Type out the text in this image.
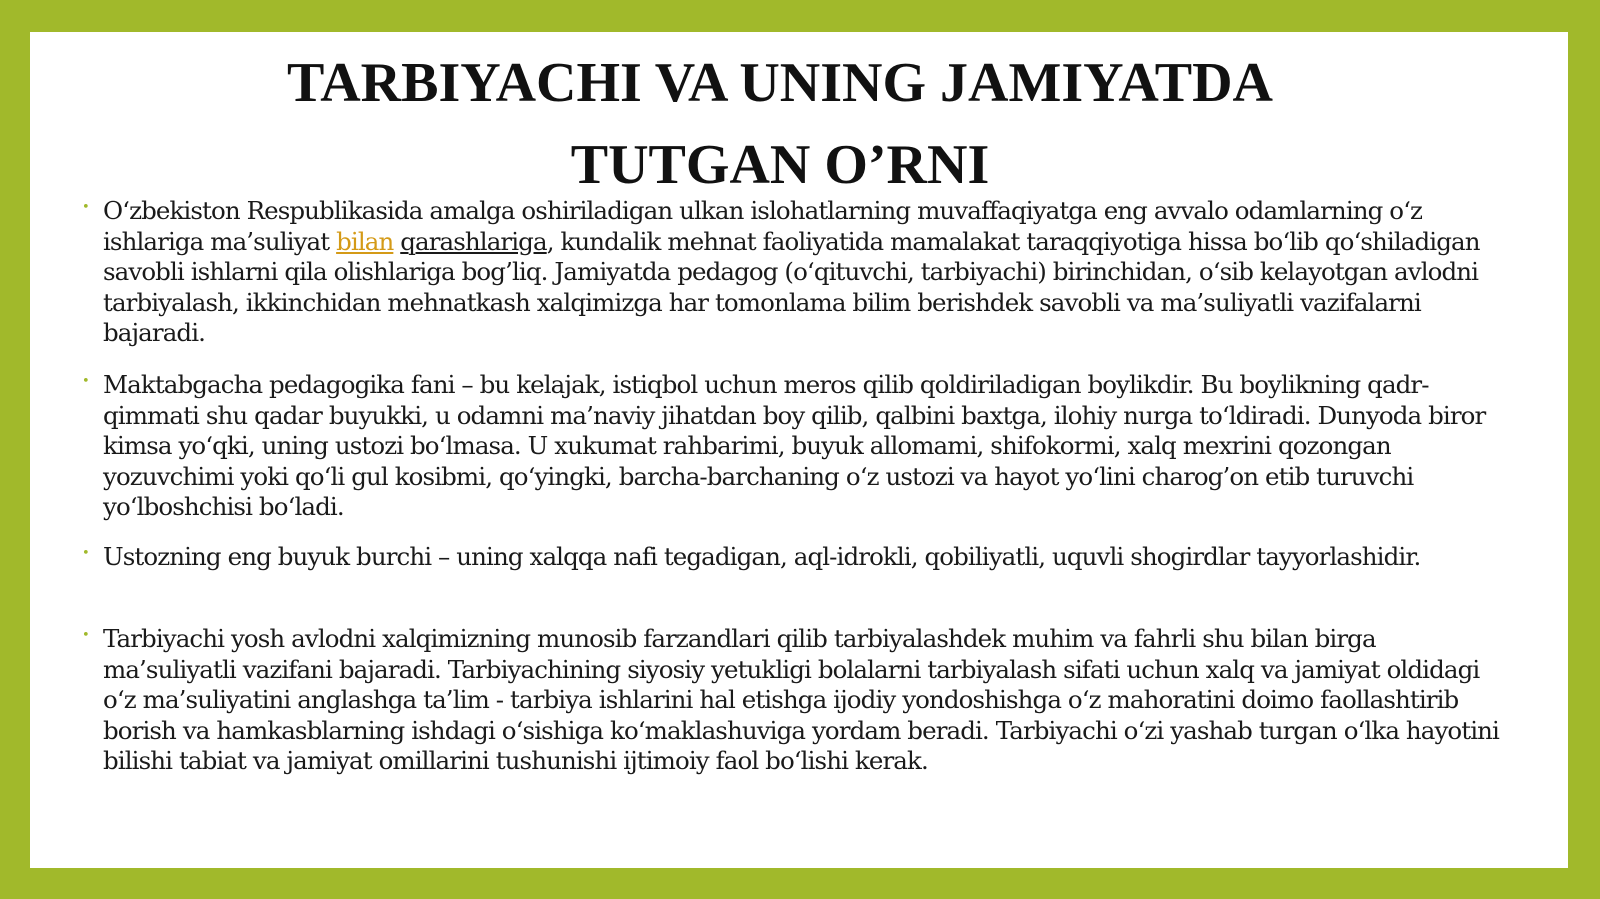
TARBIYACHI VA UNING JAMIYATDA
TUTGAN O’RNI
• O‘zbekiston Respublikasida amalga oshiriladigan ulkan islohatlarning muvaffaqiyatga eng avvalo odamlarning o‘z ishlariga ma’suliyat bilan qarashlariga, kundalik mehnat faoliyatida mamalakat taraqqiyotiga hissa bo‘lib qo‘shiladigan savobli ishlarni qila olishlariga bog’liq. Jamiyatda pedagog (o‘qituvchi, tarbiyachi) birinchidan, o‘sib kelayotgan avlodni tarbiyalash, ikkinchidan mehnatkash xalqimizga har tomonlama bilim berishdek savobli va ma’suliyatli vazifalarni bajaradi.
• Maktabgacha pedagogika fani – bu kelajak, istiqbol uchun meros qilib qoldiriladigan boylikdir. Bu boylikning qadr-qimmati shu qadar buyukki, u odamni ma’naviy jihatdan boy qilib, qalbini baxtga, ilohiy nurga to‘ldiradi. Dunyoda biror kimsa yo‘qki, uning ustozi bo‘lmasa. U xukumat rahbarimi, buyuk allomami, shifokormi, xalq mexrini qozongan yozuvchimi yoki qo‘li gul kosibmi, qo‘yingki, barcha-barchaning o‘z ustozi va hayot yo‘lini charog’on etib turuvchi yo‘lboshchisi bo‘ladi.
• Ustozning eng buyuk burchi – uning xalqqa nafi tegadigan, aql-idrokli, qobiliyatli, uquvli shogirdlar tayyorlashidir.
• Tarbiyachi yosh avlodni xalqimizning munosib farzandlari qilib tarbiyalashdek muhim va fahrli shu bilan birga ma’suliyatli vazifani bajaradi. Tarbiyachining siyosiy yetukligi bolalarni tarbiyalash sifati uchun xalq va jamiyat oldidagi o‘z ma’suliyatini anglashga ta’lim - tarbiya ishlarini hal etishga ijodiy yondoshishga o‘z mahoratini doimo faollashtirib borish va hamkasblarning ishdagi o‘sishiga ko‘maklashuviga yordam beradi. Tarbiyachi o‘zi yashab turgan o‘lka hayotini bilishi tabiat va jamiyat omillarini tushunishi ijtimoiy faol bo‘lishi kerak.
